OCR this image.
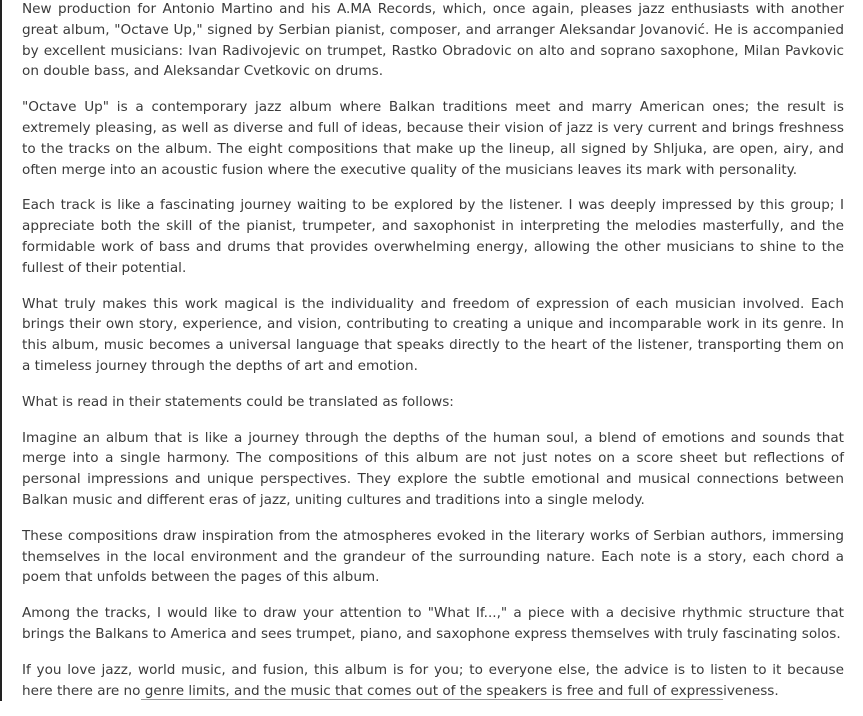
New production for Antonio Martino and his A.MA Records, which, once again, pleases jazz enthusiasts with another great album, "Octave Up," signed by Serbian pianist, composer, and arranger Aleksandar Jovanović. He is accompanied by excellent musicians: Ivan Radivojevic on trumpet, Rastko Obradovic on alto and soprano saxophone, Milan Pavkovic on double bass, and Aleksandar Cvetkovic on drums.

"Octave Up" is a contemporary jazz album where Balkan traditions meet and marry American ones; the result is extremely pleasing, as well as diverse and full of ideas, because their vision of jazz is very current and brings freshness to the tracks on the album. The eight compositions that make up the lineup, all signed by Shljuka, are open, airy, and often merge into an acoustic fusion where the executive quality of the musicians leaves its mark with personality.

Each track is like a fascinating journey waiting to be explored by the listener. I was deeply impressed by this group; I appreciate both the skill of the pianist, trumpeter, and saxophonist in interpreting the melodies masterfully, and the formidable work of bass and drums that provides overwhelming energy, allowing the other musicians to shine to the fullest of their potential.

What truly makes this work magical is the individuality and freedom of expression of each musician involved. Each brings their own story, experience, and vision, contributing to creating a unique and incomparable work in its genre. In this album, music becomes a universal language that speaks directly to the heart of the listener, transporting them on a timeless journey through the depths of art and emotion.

What is read in their statements could be translated as follows:

Imagine an album that is like a journey through the depths of the human soul, a blend of emotions and sounds that merge into a single harmony. The compositions of this album are not just notes on a score sheet but reflections of personal impressions and unique perspectives. They explore the subtle emotional and musical connections between Balkan music and different eras of jazz, uniting cultures and traditions into a single melody.

These compositions draw inspiration from the atmospheres evoked in the literary works of Serbian authors, immersing themselves in the local environment and the grandeur of the surrounding nature. Each note is a story, each chord a poem that unfolds between the pages of this album.

Among the tracks, I would like to draw your attention to "What If...," a piece with a decisive rhythmic structure that brings the Balkans to America and sees trumpet, piano, and saxophone express themselves with truly fascinating solos.

If you love jazz, world music, and fusion, this album is for you; to everyone else, the advice is to listen to it because here there are no genre limits, and the music that comes out of the speakers is free and full of expressiveness.
